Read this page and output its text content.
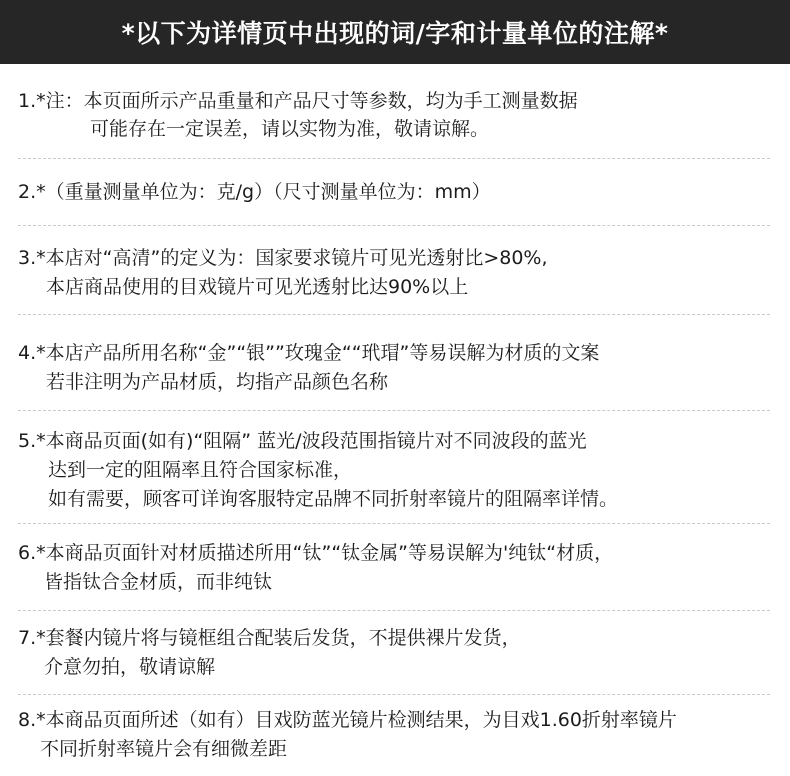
*以下为详情页中出现的词/字和计量单位的注解*
1.*注：本页面所示产品重量和产品尺寸等参数，均为手工测量数据
可能存在一定误差，请以实物为准，敬请谅解。
2.*（重量测量单位为：克/g）（尺寸测量单位为：mm）
3.*本店对“高清”的定义为：国家要求镜片可见光透射比>80%,
本店商品使用的目戏镜片可见光透射比达90%以上
4.*本店产品所用名称“金”“银””玫瑰金““玳瑁”等易误解为材质的文案
若非注明为产品材质，均指产品颜色名称
5.*本商品页面(如有)“阻隔” 蓝光/波段范围指镜片对不同波段的蓝光
达到一定的阻隔率且符合国家标准，
如有需要，顾客可详询客服特定品牌不同折射率镜片的阻隔率详情。
6.*本商品页面针对材质描述所用“钛”“钛金属”等易误解为'纯钛“材质，
皆指钛合金材质，而非纯钛
7.*套餐内镜片将与镜框组合配装后发货，不提供裸片发货，
介意勿拍，敬请谅解
8.*本商品页面所述（如有）目戏防蓝光镜片检测结果，为目戏1.60折射率镜片
不同折射率镜片会有细微差距
